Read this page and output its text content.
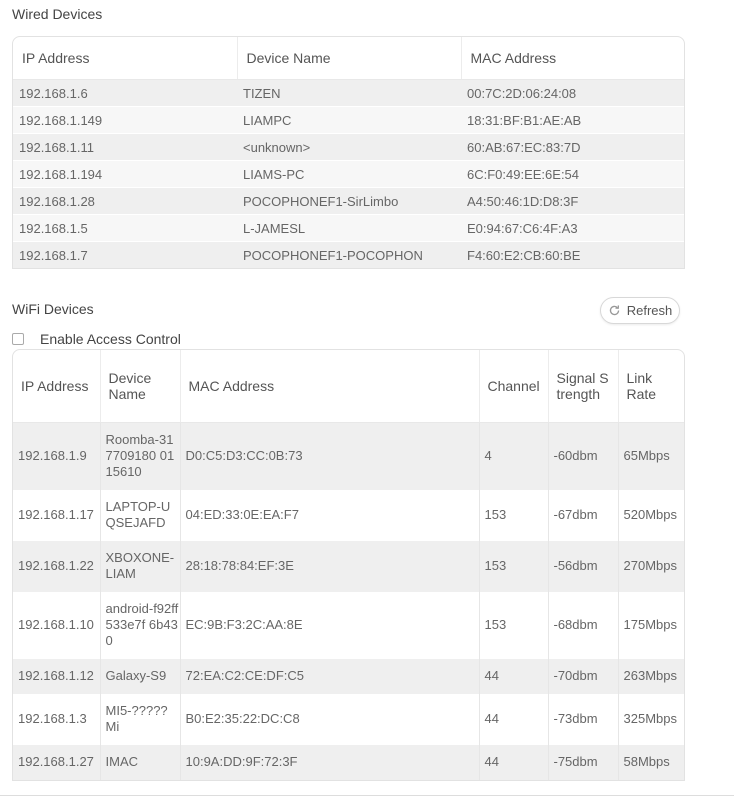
Wired Devices
IP Address	Device Name	MAC Address
192.168.1.6	TIZEN	00:7C:2D:06:24:08
192.168.1.149	LIAMPC	18:31:BF:B1:AE:AB
192.168.1.11	<unknown>	60:AB:67:EC:83:7D
192.168.1.194	LIAMS-PC	6C:F0:49:EE:6E:54
192.168.1.28	POCOPHONEF1-SirLimbo	A4:50:46:1D:D8:3F
192.168.1.5	L-JAMESL	E0:94:67:C6:4F:A3
192.168.1.7	POCOPHONEF1-POCOPHON	F4:60:E2:CB:60:BE
WiFi Devices	Refresh
Enable Access Control
IP Address	Device Name	MAC Address	Channel	Signal Strength	Link Rate
192.168.1.9	Roomba-317709180 0115610	D0:C5:D3:CC:0B:73	4	-60dbm	65Mbps
192.168.1.17	LAPTOP-UQSEJAFD	04:ED:33:0E:EA:F7	153	-67dbm	520Mbps
192.168.1.22	XBOXONE-LIAM	28:18:78:84:EF:3E	153	-56dbm	270Mbps
192.168.1.10	android-f92ff533e7f 6b430	EC:9B:F3:2C:AA:8E	153	-68dbm	175Mbps
192.168.1.12	Galaxy-S9	72:EA:C2:CE:DF:C5	44	-70dbm	263Mbps
192.168.1.3	MI5-????? Mi	B0:E2:35:22:DC:C8	44	-73dbm	325Mbps
192.168.1.27	IMAC	10:9A:DD:9F:72:3F	44	-75dbm	58Mbps
